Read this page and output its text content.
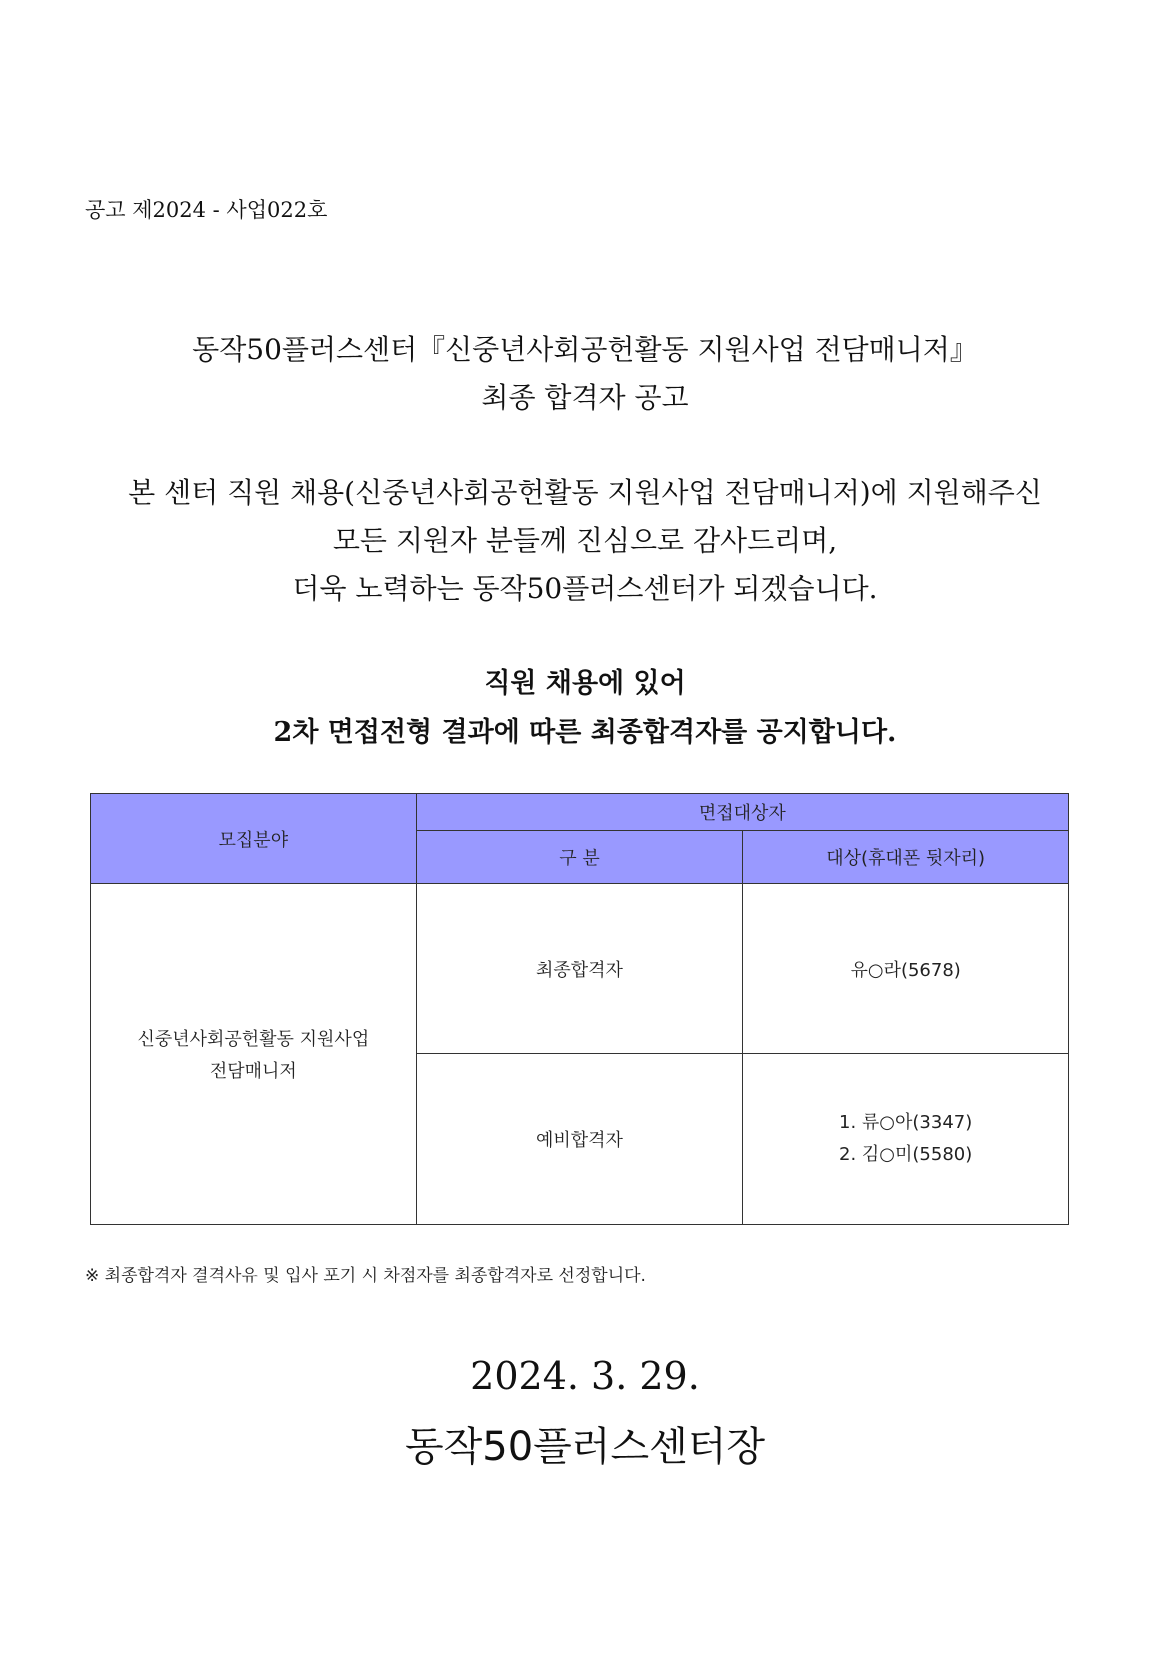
공고 제2024 - 사업022호
동작50플러스센터『신중년사회공헌활동 지원사업 전담매니저』
최종 합격자 공고
본 센터 직원 채용(신중년사회공헌활동 지원사업 전담매니저)에 지원해주신
모든 지원자 분들께 진심으로 감사드리며,
더욱 노력하는 동작50플러스센터가 되겠습니다.
직원 채용에 있어
2차 면접전형 결과에 따른 최종합격자를 공지합니다.
모집분야	면접대상자	
	구 분	대상(휴대폰 뒷자리)

신중년사회공헌활동 지원사업
전담매니저	최종합격자	유○라(5678)
	예비합격자	1. 류○아(3347)
2. 김○미(5580)
※ 최종합격자 결격사유 및 입사 포기 시 차점자를 최종합격자로 선정합니다.
2024. 3. 29.
동작50플러스센터장
